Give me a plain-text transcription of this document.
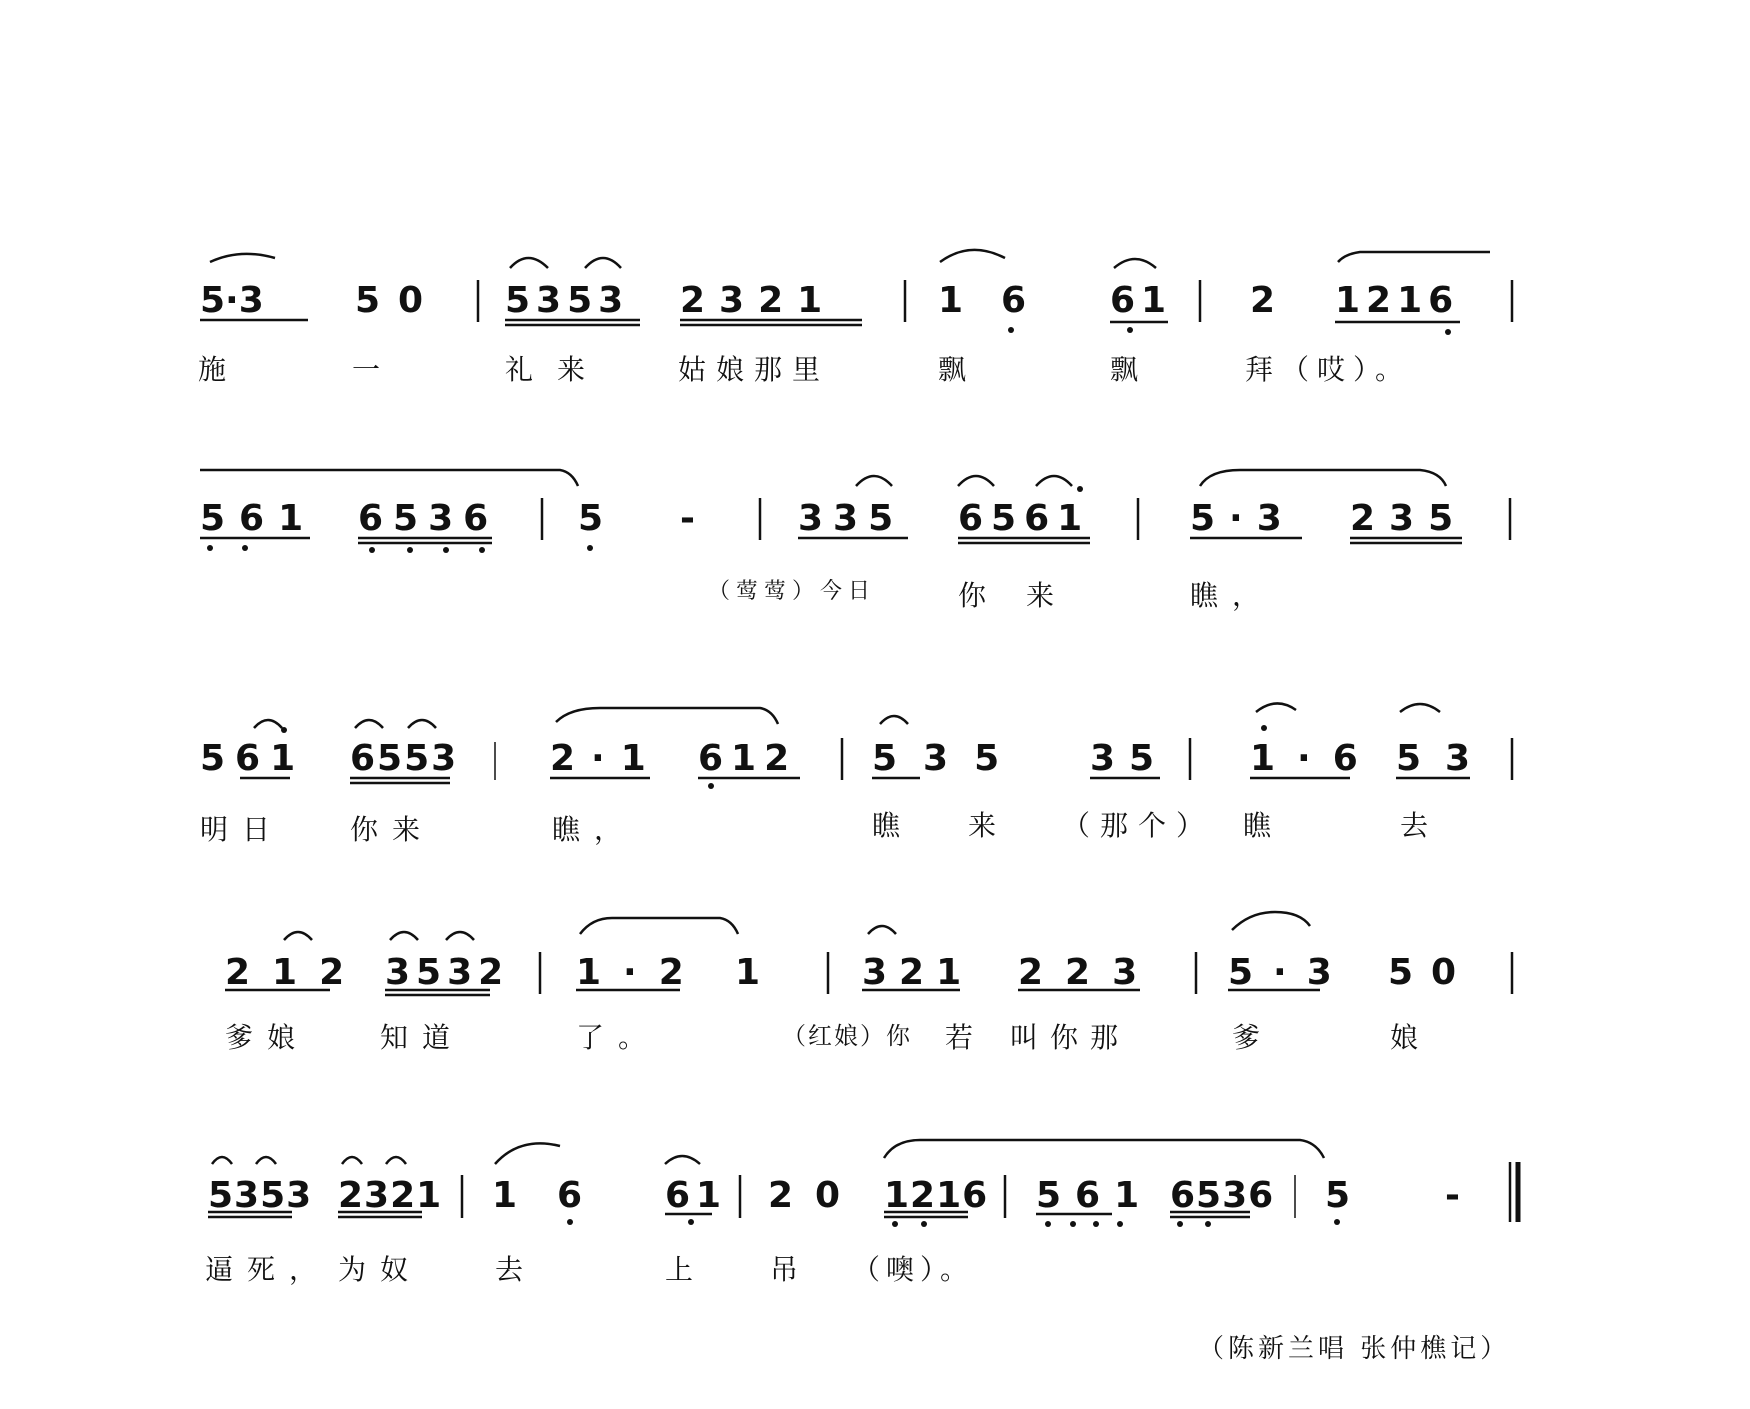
5·3	50 5353 2321	16 61 2 1216
施	一	礼来 姑娘那里	飘	飘	拜（哎）。
561 6536 5 -	335 6561	5·3 235
（莺莺）今日	你来	瞧，
561 6553	2·1 612 535 35 1·6 53
明日 你来	瞧，	瞧 来 （那个） 瞧	去
212 3532 1·2 1	321 223 5·3 50
爹娘	知道	了。	（红娘）你 若 叫你那	爹	娘
5353 2321 16 61 20 1216 561 6536 5	-
逼死， 为奴	去	上 吊 （噢）。
（陈新兰唱 张仲樵记）
